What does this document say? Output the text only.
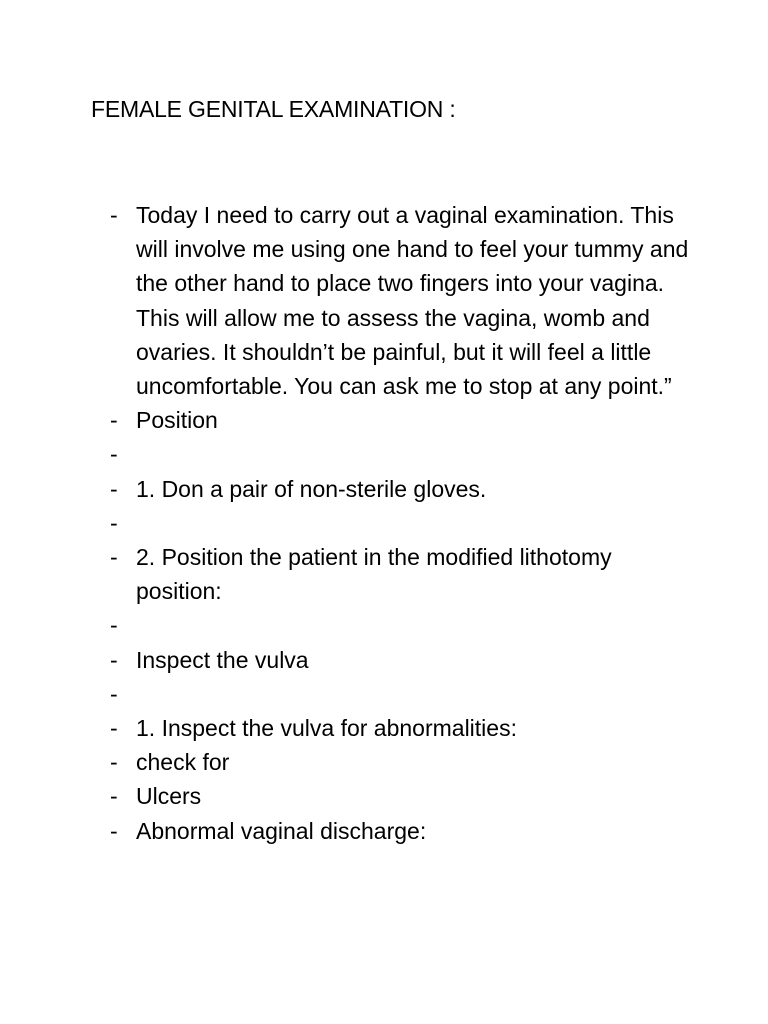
FEMALE GENITAL EXAMINATION :
- Today I need to carry out a vaginal examination. This will involve me using one hand to feel your tummy and the other hand to place two fingers into your vagina. This will allow me to assess the vagina, womb and ovaries. It shouldn’t be painful, but it will feel a little uncomfortable. You can ask me to stop at any point.”
- Position
-
- 1. Don a pair of non-sterile gloves.
-
- 2. Position the patient in the modified lithotomy position:
-
- Inspect the vulva
-
- 1. Inspect the vulva for abnormalities:
- check for
- Ulcers
- Abnormal vaginal discharge:
